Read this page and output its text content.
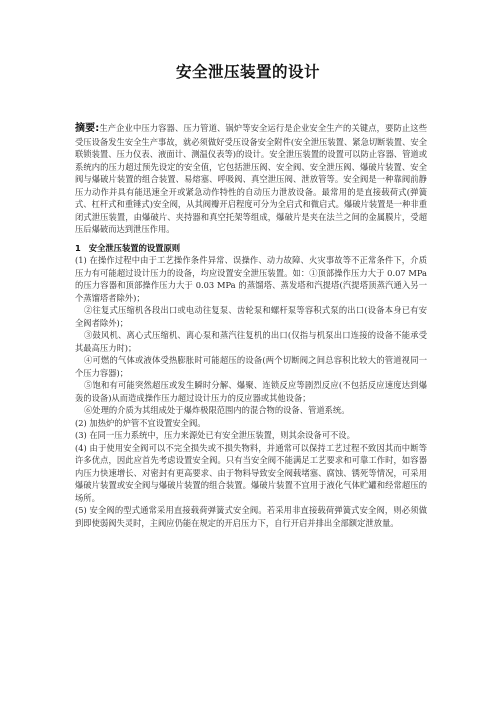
安全泄压装置的设计

摘要:生产企业中压力容器、压力管道、锅炉等安全运行是企业安全生产的关键点，要防止这些受压设备发生安全生产事故，就必须做好受压设备安全附件(安全泄压装置、紧急切断装置、安全联锁装置、压力仪表、液面计、测温仪表等)的设计。安全泄压装置的设置可以防止容器、管道或系统内的压力超过预先设定的安全值，它包括泄压阀、安全阀、安全泄压阀、爆破片装置、安全阀与爆破片装置的组合装置、易熔塞、呼吸阀、真空泄压阀、泄放管等。安全阀是一种靠阀前静压力动作并具有能迅速全开或紧急动作特性的自动压力泄放设备。最常用的是直接载荷式(弹簧式、杠杆式和重锤式)安全阀，从其阀瓣开启程度可分为全启式和微启式。爆破片装置是一种非重闭式泄压装置，由爆破片、夹持器和真空托架等组成，爆破片是夹在法兰之间的金属膜片，受超压后爆破而达到泄压作用。

1 安全泄压装置的设置原则

(1) 在操作过程中由于工艺操作条件异常、误操作、动力故障、火灾事故等不正常条件下，介质压力有可能超过设计压力的设备，均应设置安全泄压装置。如：①顶部操作压力大于 0.07 MPa 的压力容器和顶部操作压力大于 0.03 MPa 的蒸馏塔、蒸发塔和汽提塔(汽提塔顶蒸汽通入另一个蒸馏塔者除外)；

②往复式压缩机各段出口或电动往复泵、齿轮泵和螺杆泵等容积式泵的出口(设备本身已有安全阀者除外)；

③鼓风机、离心式压缩机、离心泵和蒸汽往复机的出口(仅指与机泵出口连接的设备不能承受其最高压力时)；

④可燃的气体或液体受热膨胀时可能超压的设备(两个切断阀之间总容积比较大的管道视同一个压力容器)；

⑤饱和有可能突然超压或发生瞬时分解、爆聚、连锁反应等剧烈反应(不包括反应速度达到爆轰的设备)从而造成操作压力超过设计压力的反应器或其他设备；

⑥处理的介质为其组成处于爆炸极限范围内的混合物的设备、管道系统。

(2) 加热炉的炉管不宜设置安全阀。

(3) 在同一压力系统中，压力来源处已有安全泄压装置，则其余设备可不设。

(4) 由于使用安全阀可以不完全损失或不损失物料，并通常可以保持工艺过程不致因其而中断等许多优点，因此应首先考虑设置安全阀。只有当安全阀不能满足工艺要求和可靠工作时，如容器内压力快速增长、对密封有更高要求、由于物料导致安全阀载堵塞、腐蚀、锈死等情况，可采用爆破片装置或安全阀与爆破片装置的组合装置。爆破片装置不宜用于液化气体贮罐和经常超压的场所。

(5) 安全阀的型式通常采用直接载荷弹簧式安全阀。若采用非直接载荷弹簧式安全阀，则必须做到即使弱阀失灵时，主阀应仍能在规定的开启压力下，自行开启并排出全部额定泄放量。
